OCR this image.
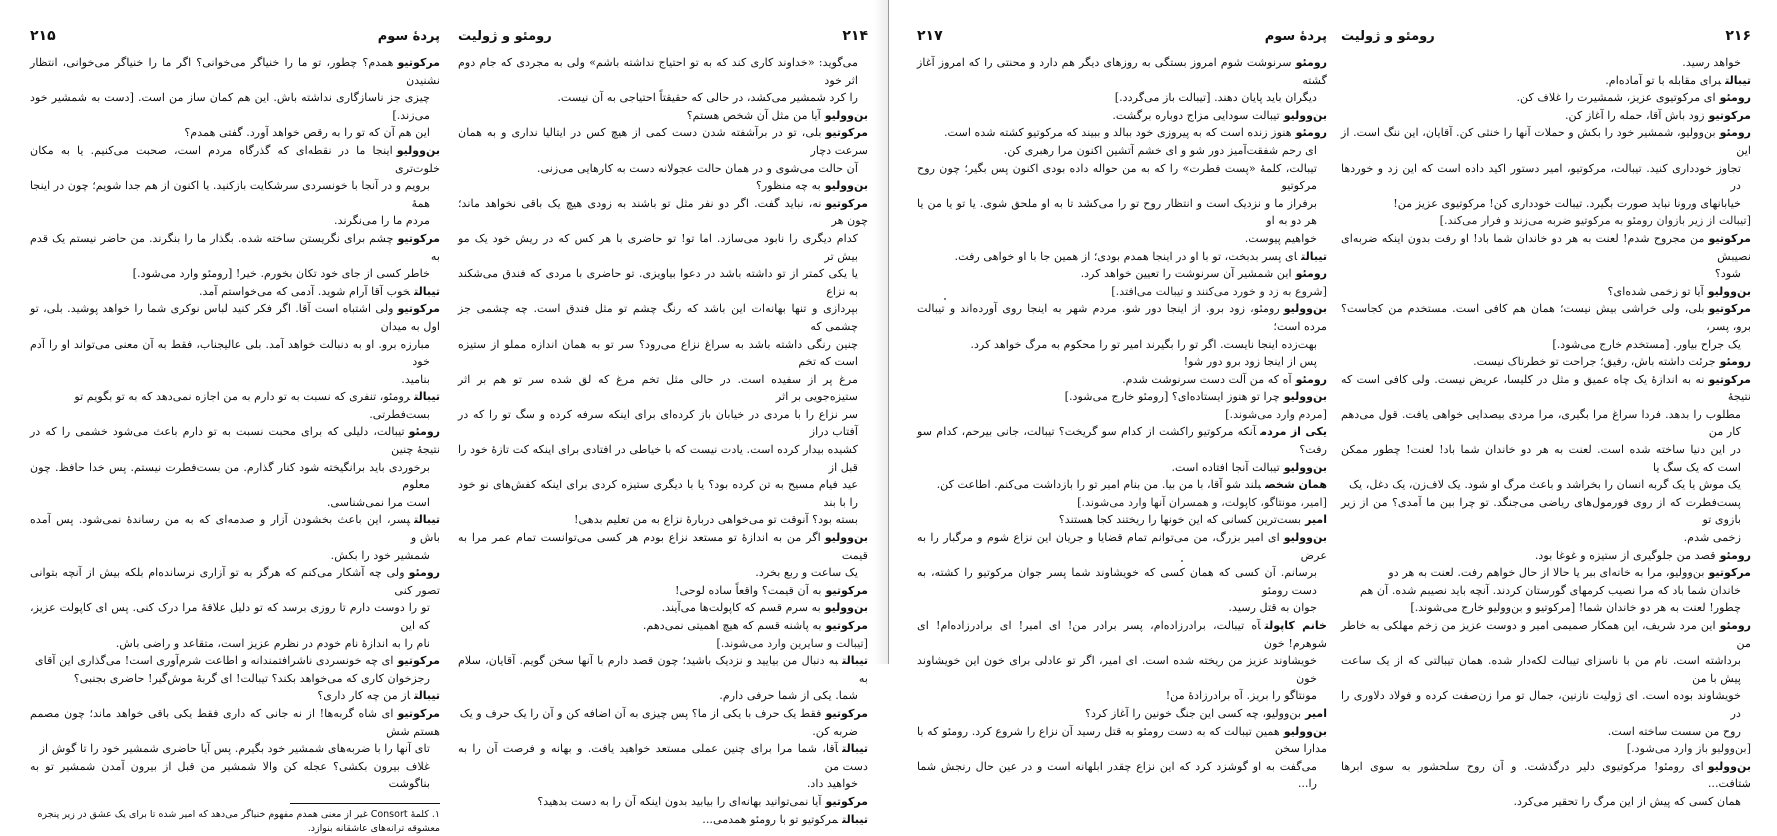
پردهٔ سوم
۲۱۵
مرکوتیوهمدم؟ چطور، تو ما را خنیاگر می‌خوانی؟ اگر ما را خنیاگر می‌خوانی، انتظار نشنیدن
چیزی جز ناسازگاری نداشته باش. این هم کمان ساز من است. [دست به شمشیر خود می‌زند.]
این هم آن که تو را به رقص خواهد آورد. گفتی همدم؟
بن‌وولیواینجا ما در نقطه‌ای که گذرگاه مردم است، صحبت می‌کنیم. یا به مکان خلوت‌تری
برویم و در آنجا با خونسردی سرشکایت بازکنید. یا اکنون از هم جدا شویم؛ چون در اینجا همهٔ
مردم ما را می‌نگرند.
مرکوتیوچشم برای نگریستن ساخته شده. بگذار ما را بنگرند. من حاضر نیستم یک قدم به
خاطر کسی از جای خود تکان بخورم. خیر! [رومئو وارد می‌شود.]
تیبالتخوب آقا آرام شوید. آدمی که می‌خواستم آمد.
مرکوتیوولی اشتباه است آقا. اگر فکر کنید لباس نوکری شما را خواهد پوشید. بلی، تو اول به میدان
مبارزه برو. او به دنبالت خواهد آمد. بلی عالیجناب، فقط به آن معنی می‌تواند او را آدم خود
بنامید.
تیبالترومئو، تنفری که نسبت به تو دارم به من اجازه نمی‌دهد که به تو بگویم تو
بست‌فطرتی.
رومئوتیبالت، دلیلی که برای محبت نسبت به تو دارم باعث می‌شود خشمی را که در نتیجهٔ چنین
برخوردی باید برانگیخته شود کنار گذارم. من بست‌فطرت نیستم. پس خدا حافظ. چون معلوم
است مرا نمی‌شناسی.
تیبالتپسر، این باعث بخشودن آزار و صدمه‌ای که به من رساندهٔ نمی‌شود. پس آمده باش و
شمشیر خود را بکش.
رومئوولی چه آشکار می‌کنم که هرگز به تو آزاری نرسانده‌ام بلکه بیش از آنچه بتوانی تصور کنی
تو را دوست دارم تا روزی برسد که تو دلیل علاقهٔ مرا درک کنی. پس ای کاپولت عزیز، که این
نام را به اندازهٔ نام خودم در نظرم عزیز است، متقاعد و راضی باش.
مرکوتیوای چه خونسردی ناشرافتمندانه و اطاعت شرم‌آوری است! می‌گذاری این آقای
رجزخوان کاری که می‌خواهد بکند؟ تیبالت! ای گربهٔ موش‌گیر! حاضری بجنبی؟
تیبالتاز من چه کار داری؟
مرکوتیوای شاه گربه‌ها! از نه جانی که داری فقط یکی باقی خواهد ماند؛ چون مصمم هستم شش
تای آنها را با ضربه‌های شمشیر خود بگیرم. پس آیا حاضری شمشیر خود را تا گوش از
غلاف بیرون بکشی؟ عجله کن والا شمشیر من قبل از بیرون آمدن شمشیر تو به بناگوشت
۱. کلمهٔ Consort غیر از معنی همدم مفهوم خنیاگر می‌دهد که امیر شده تا برای یک عشق در زیر پنجره معشوقه ترانه‌های عاشقانه بنوازد.
۲۱۴
رومئو و ژولیت
می‌گوید: «خداوند کاری کند که به تو احتیاج نداشته باشم» ولی به مجردی که جام دوم اثر خود
را کرد شمشیر می‌کشد، در حالی که حقیقتاً احتیاجی به آن نیست.
بن‌وولیوآیا من مثل آن شخص هستم؟
مرکوتیوبلی، تو در برآشفته شدن دست کمی از هیچ کس در ایتالیا نداری و به همان سرعت دچار
آن حالت می‌شوی و در همان حالت عجولانه دست به کارهایی می‌زنی.
بن‌وولیوبه چه منظور؟
مرکوتیونه، نباید گفت. اگر دو نفر مثل تو باشند به زودی هیچ یک باقی نخواهد ماند؛ چون هر
کدام دیگری را نابود می‌سازد. اما تو! تو حاضری با هر کس که در ریش خود یک مو بیش تر
یا یکی کمتر از تو داشته باشد در دعوا بیاویزی. تو حاضری با مردی که فندق می‌شکند به نزاع
بپردازی و تنها بهانه‌ات این باشد که رنگ چشم تو مثل فندق است. چه چشمی جز چشمی که
چنین رنگی داشته باشد به سراغ نزاع می‌رود؟ سر تو به همان اندازه مملو از ستیزه است که تخم
مرغ پر از سفیده است. در حالی مثل تخم مرغ که لق شده سر تو هم بر اثر ستیزه‌جویی بر اثر
سر نزاع را با مردی در خیابان باز کرده‌ای برای اینکه سرفه کرده و سگ تو را که در آفتاب دراز
کشیده بیدار کرده است. یادت نیست که با خیاطی در افتادی برای اینکه کت تازهٔ خود را قبل از
عید فیام مسیح به تن کرده بود؟ یا با دیگری ستیزه کردی برای اینکه کفش‌های نو خود را با بند
بسته بود؟ آنوقت تو می‌خواهی دربارهٔ نزاع به من تعلیم بدهی!
بن‌وولیواگر من به اندازهٔ تو مستعد نزاع بودم هر کسی می‌توانست تمام عمر مرا به قیمت
یک ساعت و ربع بخرد.
مرکوتیوبه آن قیمت؟ واقعاً ساده لوحی!
بن‌وولیوبه سرم قسم که کاپولت‌ها می‌آیند.
مرکوتیوبه پاشنه قسم که هیچ اهمیتی نمی‌دهم.
[تیبالت و سایرین وارد می‌شوند.]
تیبالتبه دنبال من بیایید و نزدیک باشید؛ چون قصد دارم با آنها سخن گویم. آقایان، سلام به
شما. یکی از شما حرفی دارم.
مرکوتیوفقط یک حرف با یکی از ما؟ پس چیزی به آن اضافه کن و آن را یک حرف و یک
ضربه کن.
تیبالتآقا، شما مرا برای چنین عملی مستعد خواهید یافت. و بهانه و فرصت آن را به دست من
خواهید داد.
مرکوتیوآیا نمی‌توانید بهانه‌ای را بیابید بدون اینکه آن را به دست بدهید؟
تیبالتمرکوتیو تو با رومئو همدمی...
پردهٔ سوم
۲۱۷
رومئوسرنوشت شوم امروز بستگی به روزهای دیگر هم دارد و محنتی را که امروز آغاز گشته
دیگران باید پایان دهند. [تیبالت باز می‌گردد.]
بن‌وولیوتیبالت سودایی مزاج دوباره برگشت.
رومئوهنوز زنده است که به پیروزی خود ببالد و ببیند که مرکوتیو کشته شده است.
ای رحم شفقت‌آمیز دور شو و ای خشم آتشین اکنون مرا رهبری کن.
تیبالت، کلمهٔ «پست فطرت» را که به من حواله داده بودی اکنون پس بگیر؛ چون روح مرکوتیو
برفراز ما و نزدیک است و انتظار روح تو را می‌کشد تا به او ملحق شوی. یا تو یا من یا هر دو به او
خواهیم پیوست.
تیبالتای پسر بدبخت، تو با او در اینجا همدم بودی؛ از همین جا با او خواهی رفت.
رومئواین شمشیر آن سرنوشت را تعیین خواهد کرد.
[شروع به زد و خورد می‌کنند و تیبالت می‌افتد.]
بن‌وولیورومئو، زود برو. از اینجا دور شو. مردم شهر به اینجا روی آورده‌اند و تیبالت مرده است؛
بهت‌زده اینجا نایست. اگر تو را بگیرند امیر تو را محکوم به مرگ خواهد کرد.
پس از اینجا زود برو دور شو!
رومئوآه که من آلت دست سرنوشت شدم.
بن‌وولیوچرا تو هنوز ایستاده‌ای؟ [رومئو خارج می‌شود.]
[مردم وارد می‌شوند.]
یکی از مردمآنکه مرکوتیو راکشت از کدام سو گریخت؟ تیبالت، جانی بیرحم، کدام سو رفت؟
بن‌وولیوتیبالت آنجا افتاده است.
همان شخصبلند شو آقا، با من بیا. من بنام امیر تو را بازداشت می‌کنم. اطاعت کن.
[امیر، مونتاگو، کاپولت، و همسران آنها وارد می‌شوند.]
امیربست‌ترین کسانی که این خونها را ریختند کجا هستند؟
بن‌وولیوای امیر بزرگ، من می‌توانم تمام قضایا و جریان این نزاع شوم و مرگبار را به عرض
برسانم. آن کسی که همان کسی که خویشاوند شما پسر جوان مرکوتیو را کشته، به دست رومئو
جوان به قتل رسید.
خانم کاپولتآه تیبالت، برادرزاده‌ام، پسر برادر من! ای امیر! ای برادرزاده‌ام! ای شوهرم! خون
خویشاوند عزیز من ریخته شده است. ای امیر، اگر تو عادلی برای خون این خویشاوند خون
مونتاگو را بریز. آه برادرزادهٔ من!
امیربن‌وولیو، چه کسی این جنگ خونین را آغاز کرد؟
بن‌وولیوهمین تیبالت که به دست رومئو به قتل رسید آن نزاع را شروع کرد. رومئو که با مدارا سخن
می‌گفت به او گوشزد کرد که این نزاع چقدر ابلهانه است و در عین حال رنجش شما را...
۲۱۶
رومئو و ژولیت
خواهد رسید.
تیبالتبرای مقابله با تو آماده‌ام.
رومئوای مرکوتیوی عزیز، شمشیرت را غلاف کن.
مرکوتیوزود باش آقا، حمله را آغاز کن.
رومئوبن‌وولیو، شمشیر خود را بکش و حملات آنها را خنثی کن. آقایان، این ننگ است. از این
تجاوز خودداری کنید. تیبالت، مرکوتیو، امیر دستور اکید داده است که این زد و خوردها در
خیابانهای ورونا نباید صورت بگیرد. تیبالت خودداری کن! مرکوتیوی عزیز من!
[تیبالت از زیر بازوان رومئو به مرکوتیو ضربه می‌زند و فرار می‌کند.]
مرکوتیومن مجروح شدم! لعنت به هر دو خاندان شما باد! او رفت بدون اینکه ضربه‌ای نصیبش
شود؟
بن‌وولیوآیا تو زخمی شده‌ای؟
مرکوتیوبلی، ولی خراشی بیش نیست؛ همان هم کافی است. مستخدم من کجاست؟ برو، پسر،
یک جراح بیاور. [مستخدم خارج می‌شود.]
رومئوجرئت داشته باش، رفیق؛ جراحت تو خطرناک نیست.
مرکوتیونه به اندازهٔ یک چاه عمیق و مثل در کلیسا، عریض نیست. ولی کافی است که نتیجهٔ
مطلوب را بدهد. فردا سراغ مرا بگیری، مرا مردی بیصدایی خواهی یافت. قول می‌دهم کار من
در این دنیا ساخته شده است. لعنت به هر دو خاندان شما باد! لعنت! چطور ممکن است که یک سگ یا
یک موش یا یک گربه انسان را بخراشد و باعث مرگ او شود. یک لاف‌زن، یک دغل، یک
پست‌فطرت که از روی فورمول‌های ریاضی می‌جنگد. تو چرا بین ما آمدی؟ من از زیر بازوی تو
زخمی شدم.
رومئوقصد من جلوگیری از ستیزه و غوغا بود.
مرکوتیوبن‌وولیو، مرا به خانه‌ای ببر یا حالا از حال خواهم رفت. لعنت به هر دو
خاندان شما باد که مرا نصیب کرمهای گورستان کردند. آنچه باید نصیبم شده. آن هم
چطور! لعنت به هر دو خاندان شما! [مرکوتیو و بن‌وولیو خارج می‌شوند.]
رومئواین مرد شریف، این همکار صمیمی امیر و دوست عزیز من زخم مهلکی به خاطر من
برداشته است. نام من با ناسزای تیبالت لکه‌دار شده. همان تیبالتی که از یک ساعت پیش با من
خویشاوند بوده است. ای ژولیت نازنین، جمال تو مرا زن‌صفت کرده و فولاد دلاوری را در
روح من سست ساخته است.
[بن‌وولیو باز وارد می‌شود.]
بن‌وولیوای رومئو! مرکوتیوی دلیر درگذشت. و آن روح سلحشور به سوی ابرها شتافت...
همان کسی که پیش از این مرگ را تحقیر می‌کرد.
